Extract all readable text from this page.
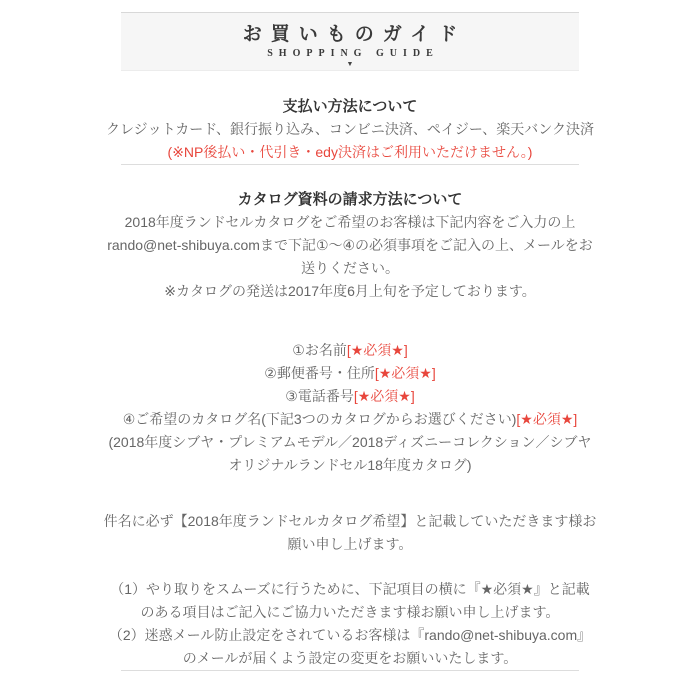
お買いものガイド
SHOPPING GUIDE
▼
支払い方法について
クレジットカード、銀行振り込み、コンビニ決済、ペイジー、楽天バンク決済
(※NP後払い・代引き・edy決済はご利用いただけません。)
カタログ資料の請求方法について
2018年度ランドセルカタログをご希望のお客様は下記内容をご入力の上
rando@net-shibuya.comまで下記①〜④の必須事項をご記入の上、メールをお
送りください。
※カタログの発送は2017年度6月上旬を予定しております。
①お名前[★必須★]
②郵便番号・住所[★必須★]
③電話番号[★必須★]
④ご希望のカタログ名(下記3つのカタログからお選びください)[★必須★]
(2018年度シブヤ・プレミアムモデル／2018ディズニーコレクション／シブヤ
オリジナルランドセル18年度カタログ)
件名に必ず【2018年度ランドセルカタログ希望】と記載していただきます様お
願い申し上げます。
（1）やり取りをスムーズに行うために、下記項目の横に『★必須★』と記載
のある項目はご記入にご協力いただきます様お願い申し上げます。
（2）迷惑メール防止設定をされているお客様は『rando@net-shibuya.com』
のメールが届くよう設定の変更をお願いいたします。
